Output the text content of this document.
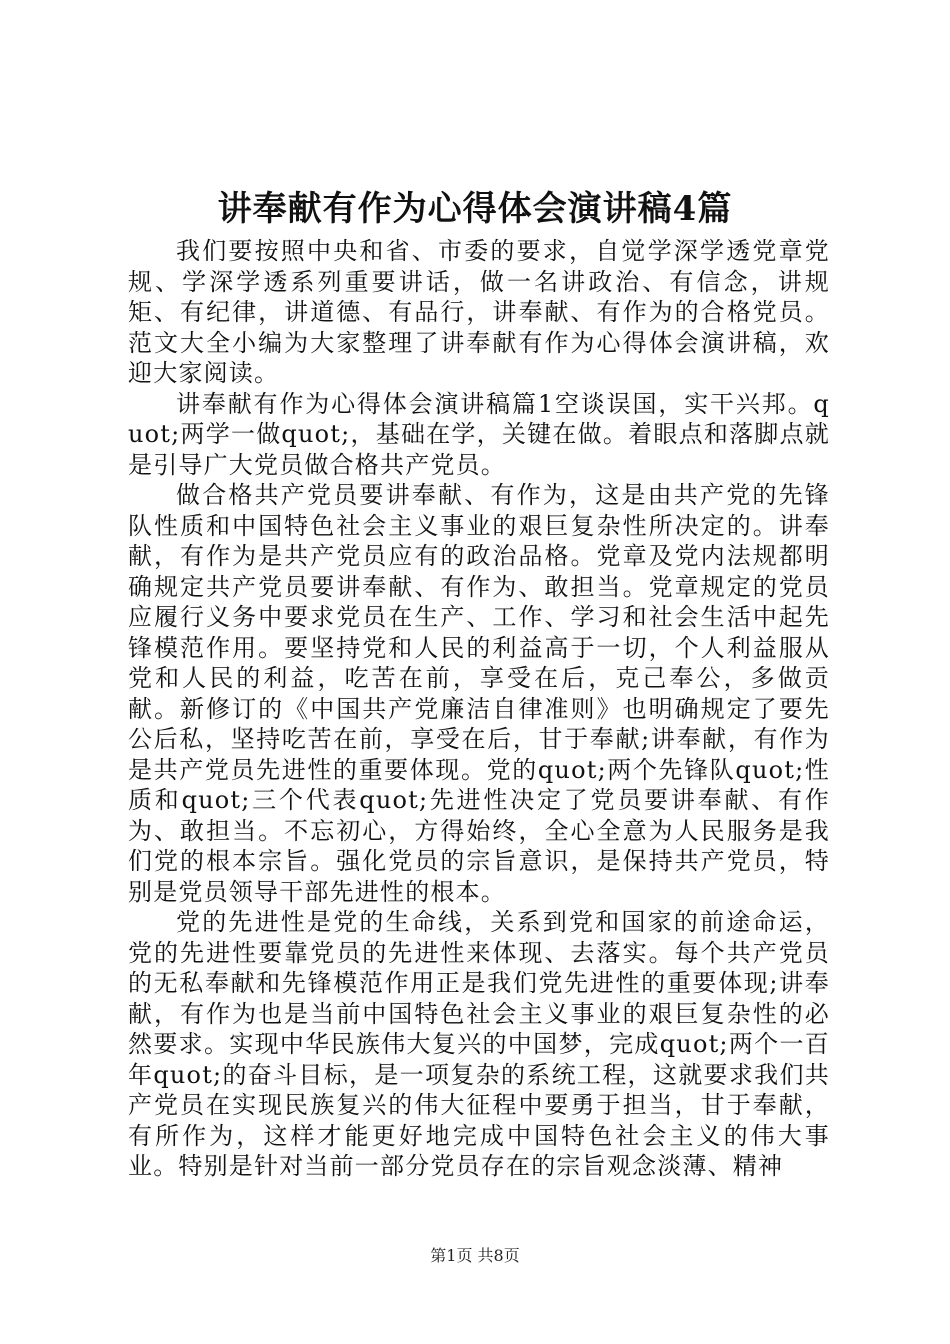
讲奉献有作为心得体会演讲稿4篇

我们要按照中央和省、市委的要求，自觉学深学透党章党规、学深学透系列重要讲话，做一名讲政治、有信念，讲规矩、有纪律，讲道德、有品行，讲奉献、有作为的合格党员。范文大全小编为大家整理了讲奉献有作为心得体会演讲稿，欢迎大家阅读。

讲奉献有作为心得体会演讲稿篇1空谈误国，实干兴邦。quot;两学一做quot;，基础在学，关键在做。着眼点和落脚点就是引导广大党员做合格共产党员。

做合格共产党员要讲奉献、有作为，这是由共产党的先锋队性质和中国特色社会主义事业的艰巨复杂性所决定的。讲奉献，有作为是共产党员应有的政治品格。党章及党内法规都明确规定共产党员要讲奉献、有作为、敢担当。党章规定的党员应履行义务中要求党员在生产、工作、学习和社会生活中起先锋模范作用。要坚持党和人民的利益高于一切，个人利益服从党和人民的利益，吃苦在前，享受在后，克己奉公，多做贡献。新修订的《中国共产党廉洁自律准则》也明确规定了要先公后私，坚持吃苦在前，享受在后，甘于奉献;讲奉献，有作为是共产党员先进性的重要体现。党的quot;两个先锋队quot;性质和quot;三个代表quot;先进性决定了党员要讲奉献、有作为、敢担当。不忘初心，方得始终，全心全意为人民服务是我们党的根本宗旨。强化党员的宗旨意识，是保持共产党员，特别是党员领导干部先进性的根本。

党的先进性是党的生命线，关系到党和国家的前途命运，党的先进性要靠党员的先进性来体现、去落实。每个共产党员的无私奉献和先锋模范作用正是我们党先进性的重要体现;讲奉献，有作为也是当前中国特色社会主义事业的艰巨复杂性的必然要求。实现中华民族伟大复兴的中国梦，完成quot;两个一百年quot;的奋斗目标，是一项复杂的系统工程，这就要求我们共产党员在实现民族复兴的伟大征程中要勇于担当，甘于奉献，有所作为，这样才能更好地完成中国特色社会主义的伟大事业。特别是针对当前一部分党员存在的宗旨观念淡薄、精神

第1页 共8页
